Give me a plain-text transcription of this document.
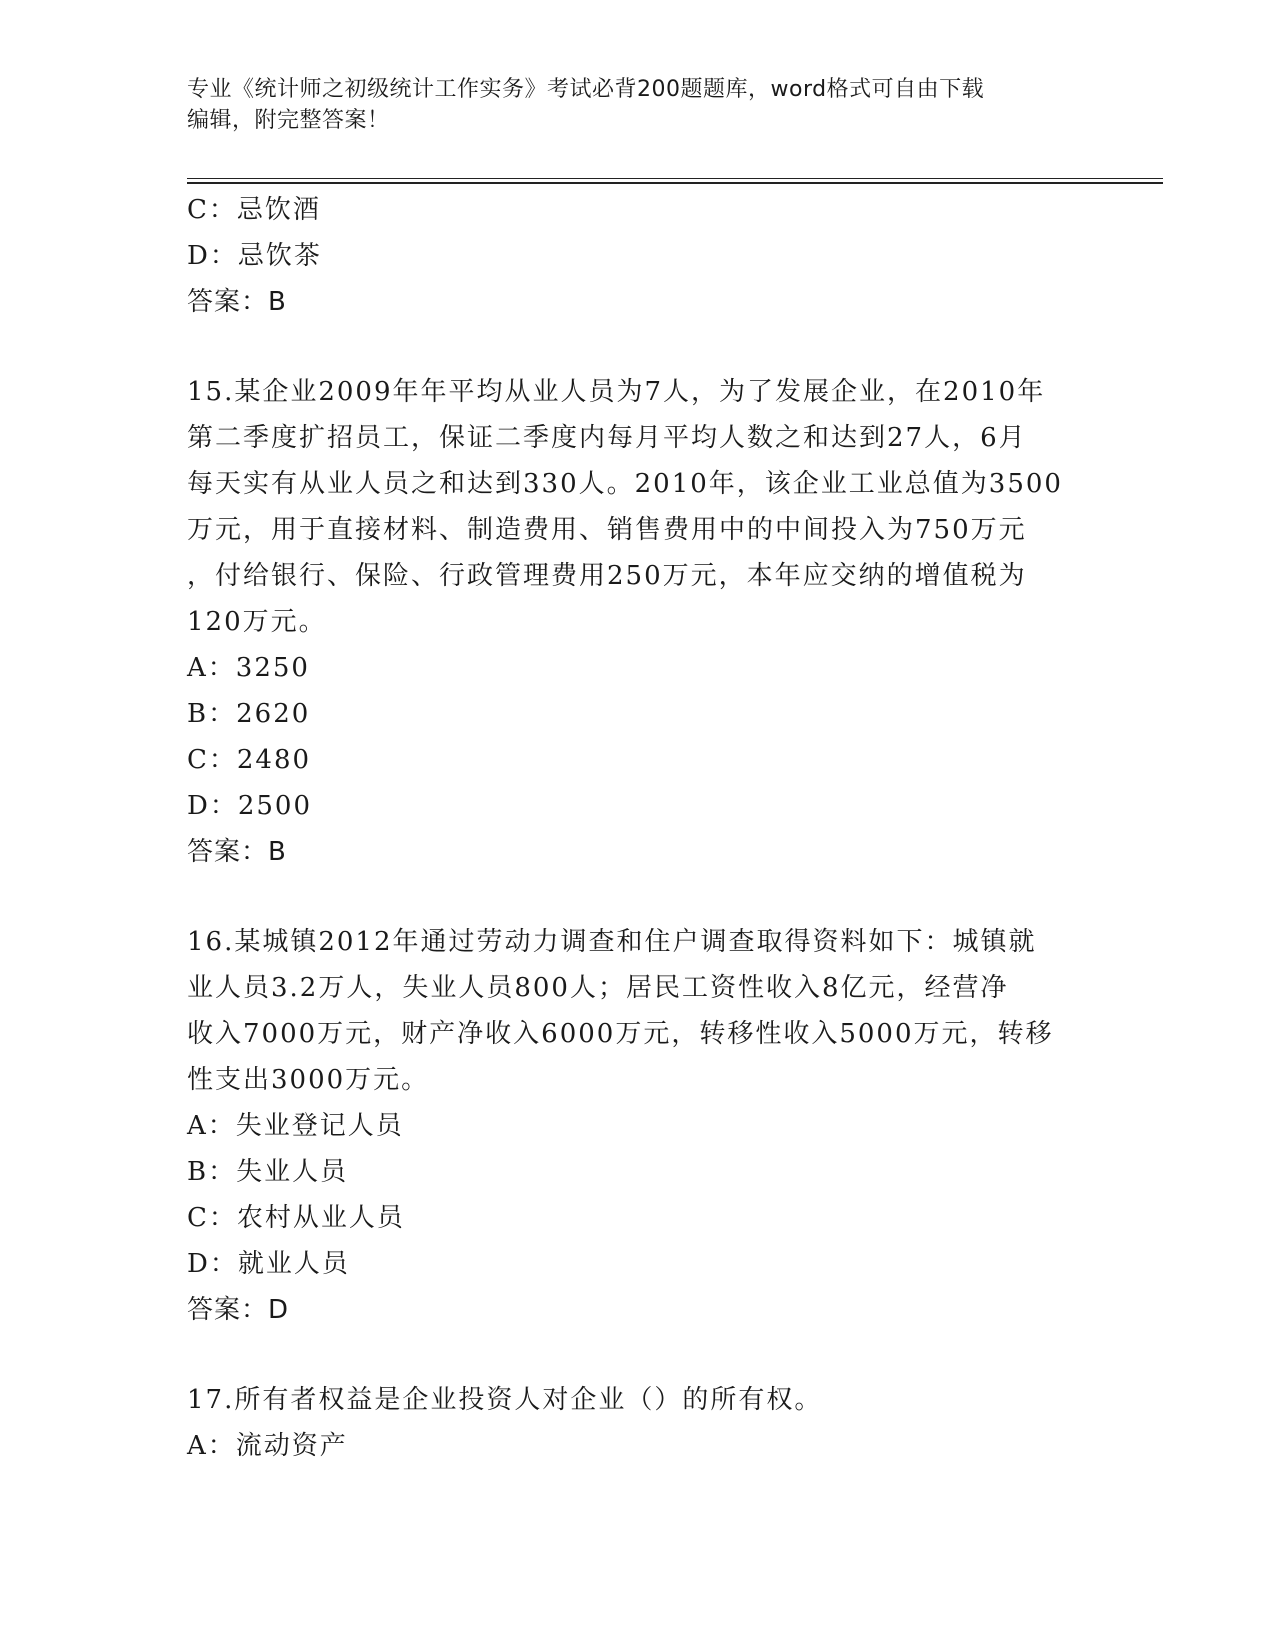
专业《统计师之初级统计工作实务》考试必背200题题库，word格式可自由下载
编辑，附完整答案！
C：忌饮酒
D：忌饮茶
答案：B
15.某企业2009年年平均从业人员为7人，为了发展企业，在2010年
第二季度扩招员工，保证二季度内每月平均人数之和达到27人，6月
每天实有从业人员之和达到330人。2010年，该企业工业总值为3500
万元，用于直接材料、制造费用、销售费用中的中间投入为750万元
，付给银行、保险、行政管理费用250万元，本年应交纳的增值税为
120万元。
A：3250
B：2620
C：2480
D：2500
答案：B
16.某城镇2012年通过劳动力调查和住户调查取得资料如下：城镇就
业人员3.2万人，失业人员800人；居民工资性收入8亿元，经营净
收入7000万元，财产净收入6000万元，转移性收入5000万元，转移
性支出3000万元。
A：失业登记人员
B：失业人员
C：农村从业人员
D：就业人员
答案：D
17.所有者权益是企业投资人对企业（）的所有权。
A：流动资产
